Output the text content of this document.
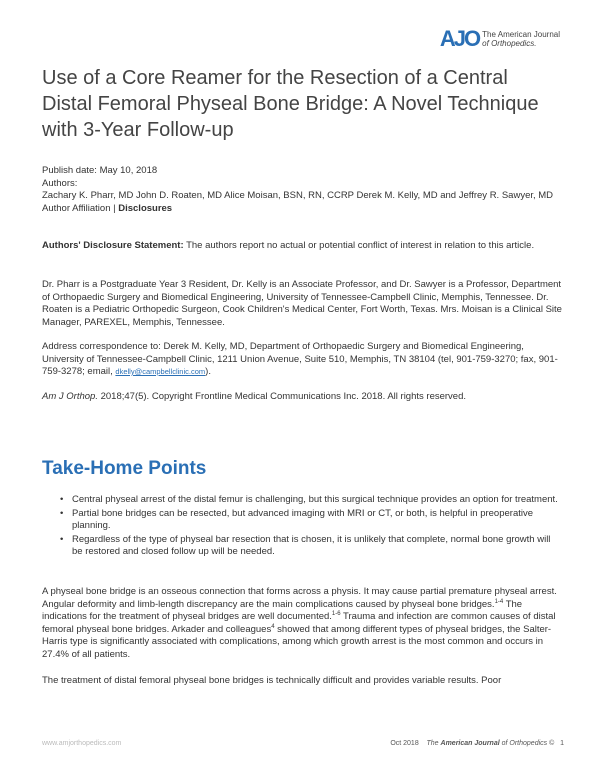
AJO The American Journal
of Orthopedics.
Use of a Core Reamer for the Resection of a Central Distal Femoral Physeal Bone Bridge: A Novel Technique with 3-Year Follow-up
Publish date: May 10, 2018
Authors:
Zachary K. Pharr, MD John D. Roaten, MD Alice Moisan, BSN, RN, CCRP Derek M. Kelly, MD and Jeffrey R. Sawyer, MD
Author Affiliation | Disclosures

Authors' Disclosure Statement: The authors report no actual or potential conflict of interest in relation to this article.

Dr. Pharr is a Postgraduate Year 3 Resident, Dr. Kelly is an Associate Professor, and Dr. Sawyer is a Professor, Department of Orthopaedic Surgery and Biomedical Engineering, University of Tennessee-Campbell Clinic, Memphis, Tennessee. Dr. Roaten is a Pediatric Orthopedic Surgeon, Cook Children's Medical Center, Fort Worth, Texas. Mrs. Moisan is a Clinical Site Manager, PAREXEL, Memphis, Tennessee.

Address correspondence to: Derek M. Kelly, MD, Department of Orthopaedic Surgery and Biomedical Engineering, University of Tennessee-Campbell Clinic, 1211 Union Avenue, Suite 510, Memphis, TN 38104 (tel, 901-759-3270; fax, 901-759-3278; email, dkelly@campbellclinic.com).

Am J Orthop. 2018;47(5). Copyright Frontline Medical Communications Inc. 2018. All rights reserved.

Take-Home Points
• Central physeal arrest of the distal femur is challenging, but this surgical technique provides an option for treatment.
• Partial bone bridges can be resected, but advanced imaging with MRI or CT, or both, is helpful in preoperative planning.
• Regardless of the type of physeal bar resection that is chosen, it is unlikely that complete, normal bone growth will be restored and closed follow up will be needed.

A physeal bone bridge is an osseous connection that forms across a physis. It may cause partial premature physeal arrest. Angular deformity and limb-length discrepancy are the main complications caused by physeal bone bridges.$^{1-4}$ The indications for the treatment of physeal bridges are well documented.$^{1-6}$ Trauma and infection are common causes of distal femoral physeal bone bridges. Arkader and colleagues$^4$ showed that among different types of physeal bridges, the Salter-Harris type is significantly associated with complications, among which growth arrest is the most common and occurs in 27.4% of all patients.

The treatment of distal femoral physeal bone bridges is technically difficult and provides variable results. Poor

www.amjorthopedics.com	Oct 2018 The American Journal of Orthopedics © 1
